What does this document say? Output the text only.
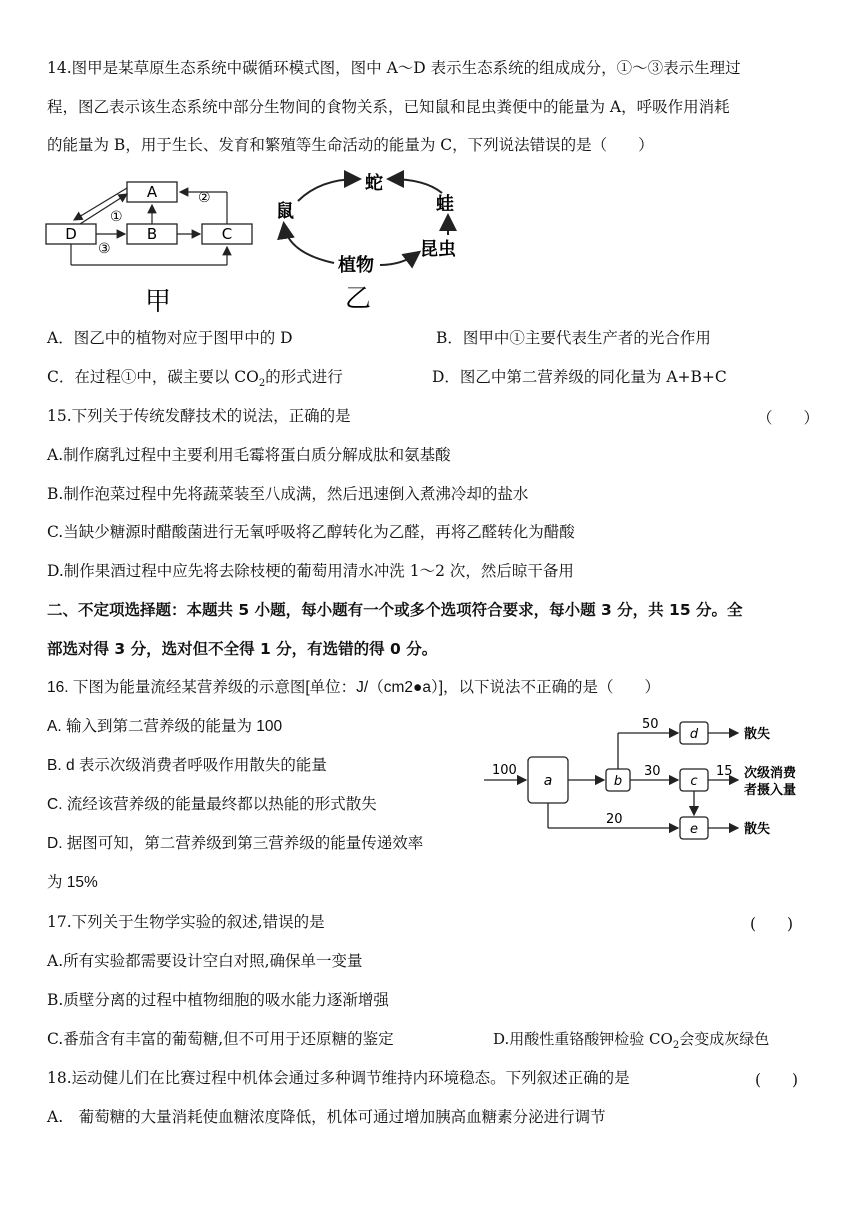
14.图甲是某草原生态系统中碳循环模式图，图中 A～D 表示生态系统的组成成分，①～③表示生理过
程，图乙表示该生态系统中部分生物间的食物关系，已知鼠和昆虫粪便中的能量为 A，呼吸作用消耗
的能量为 B，用于生长、发育和繁殖等生命活动的能量为 C，下列说法错误的是（　　）
A
D	B	C
①
②
③
甲
蛇
鼠	蛙
昆虫
植物
乙
A．图乙中的植物对应于图甲中的 D	B．图甲中①主要代表生产者的光合作用
C．在过程①中，碳主要以 $CO_2$的形式进行	D．图乙中第二营养级的同化量为 A+B+C
15.下列关于传统发酵技术的说法，正确的是	（　　）
A.制作腐乳过程中主要利用毛霉将蛋白质分解成肽和氨基酸
B.制作泡菜过程中先将蔬菜装至八成满，然后迅速倒入煮沸冷却的盐水
C.当缺少糖源时醋酸菌进行无氧呼吸将乙醇转化为乙醛，再将乙醛转化为醋酸
D.制作果酒过程中应先将去除枝梗的葡萄用清水冲洗 1～2 次，然后晾干备用
二、不定项选择题：本题共 5 小题，每小题有一个或多个选项符合要求，每小题 3 分，共 15 分。全
部选对得 3 分，选对但不全得 1 分，有选错的得 0 分。
16. 下图为能量流经某营养级的示意图[单位：J/（cm2●a）]，以下说法不正确的是（　　）
A. 输入到第二营养级的能量为 100
B. d 表示次级消费者呼吸作用散失的能量
C. 流经该营养级的能量最终都以热能的形式散失
D. 据图可知，第二营养级到第三营养级的能量传递效率
为 15%
a	b
d
c
e
100
50
30
20
散失
15 次级消费
者摄入量
散失
17.下列关于生物学实验的叙述,错误的是	(　　)
A.所有实验都需要设计空白对照,确保单一变量
B.质壁分离的过程中植物细胞的吸水能力逐渐增强
C.番茄含有丰富的葡萄糖,但不可用于还原糖的鉴定	D.用酸性重铬酸钾检验 $CO_2$会变成灰绿色
18.运动健儿们在比赛过程中机体会通过多种调节维持内环境稳态。下列叙述正确的是	(　　)
A.　葡萄糖的大量消耗使血糖浓度降低，机体可通过增加胰高血糖素分泌进行调节
